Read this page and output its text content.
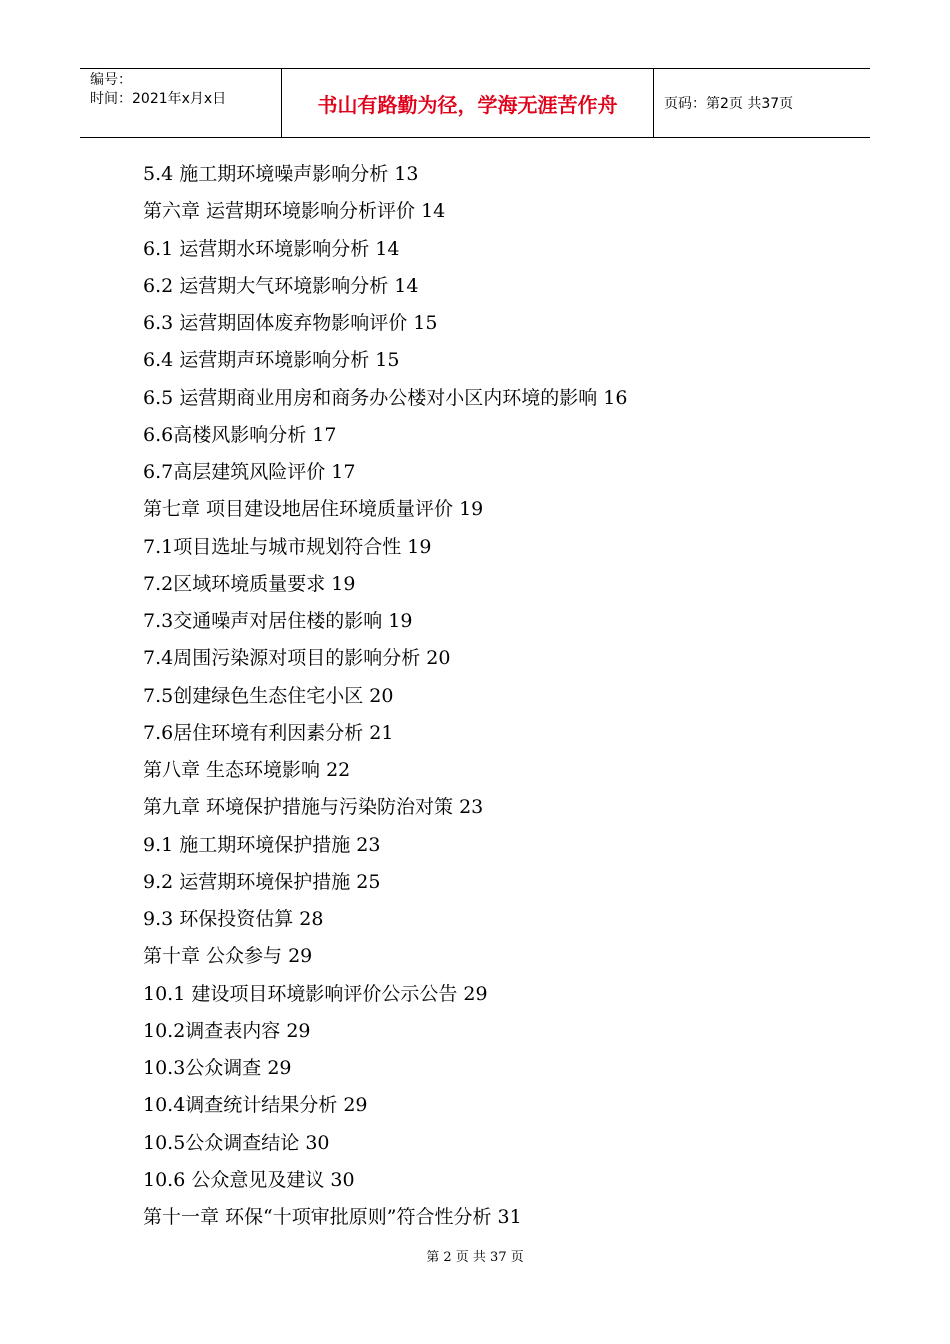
编号：
时间：2021年x月x日	书山有路勤为径，学海无涯苦作舟	页码：第2页 共37页
5.4 施工期环境噪声影响分析 13
第六章 运营期环境影响分析评价 14
6.1 运营期水环境影响分析 14
6.2 运营期大气环境影响分析 14
6.3 运营期固体废弃物影响评价 15
6.4 运营期声环境影响分析 15
6.5 运营期商业用房和商务办公楼对小区内环境的影响 16
6.6高楼风影响分析 17
6.7高层建筑风险评价 17
第七章 项目建设地居住环境质量评价 19
7.1项目选址与城市规划符合性 19
7.2区域环境质量要求 19
7.3交通噪声对居住楼的影响 19
7.4周围污染源对项目的影响分析 20
7.5创建绿色生态住宅小区 20
7.6居住环境有利因素分析 21
第八章 生态环境影响 22
第九章 环境保护措施与污染防治对策 23
9.1 施工期环境保护措施 23
9.2 运营期环境保护措施 25
9.3 环保投资估算 28
第十章 公众参与 29
10.1 建设项目环境影响评价公示公告 29
10.2调查表内容 29
10.3公众调查 29
10.4调查统计结果分析 29
10.5公众调查结论 30
10.6 公众意见及建议 30
第十一章 环保“十项审批原则”符合性分析 31
第 2 页 共 37 页
